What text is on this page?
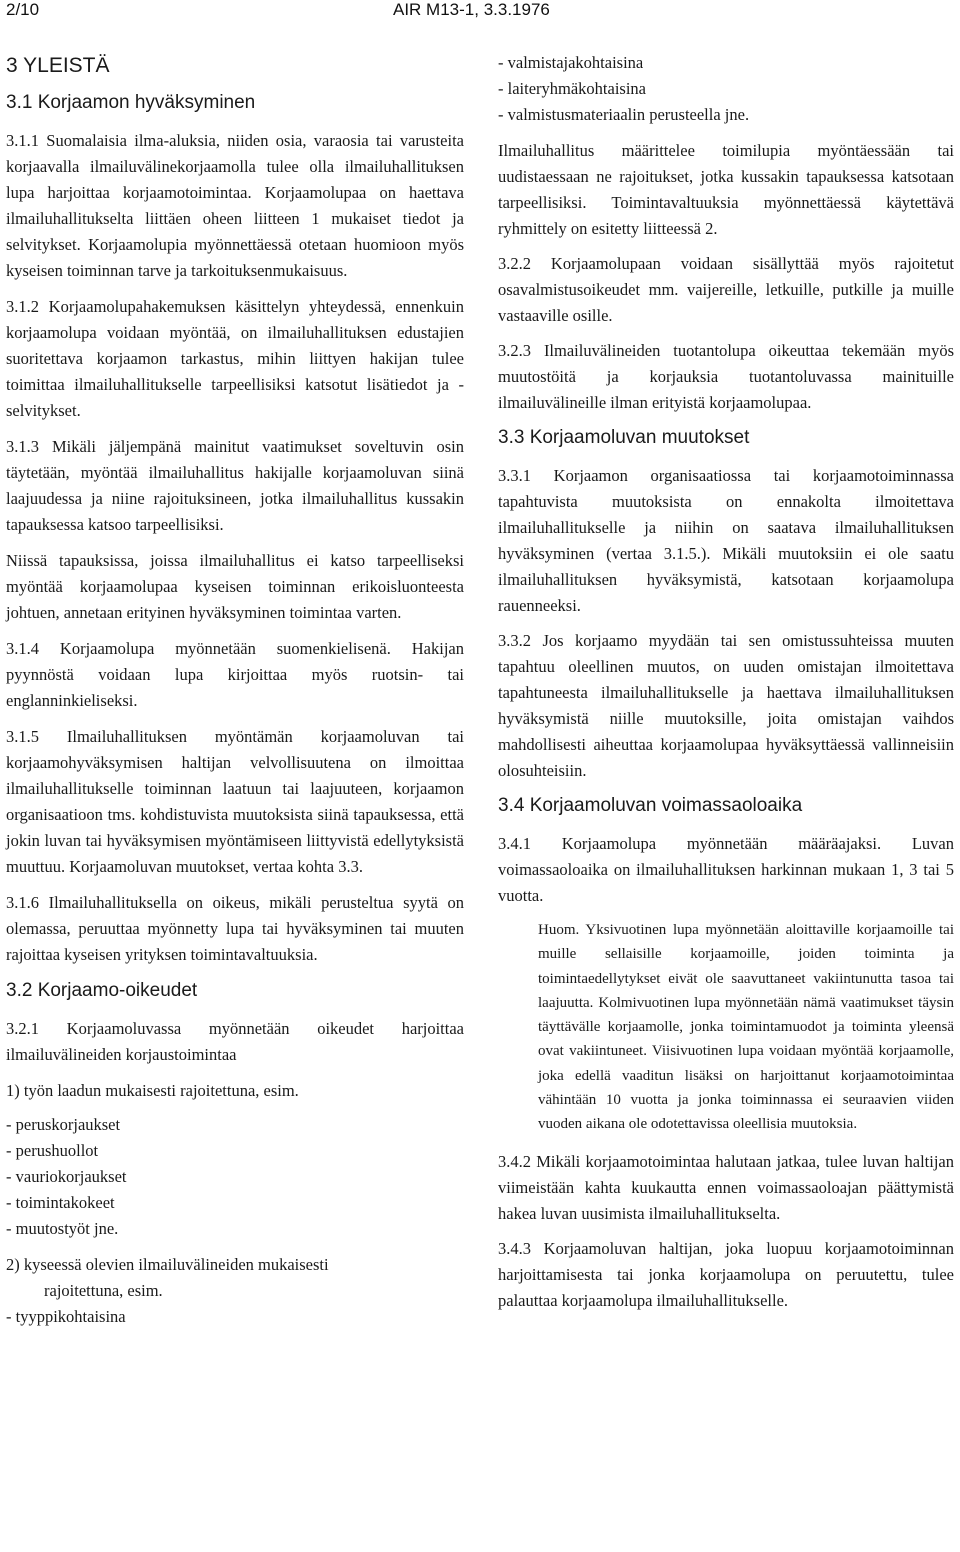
2/10	AIR M13-1, 3.3.1976
3 YLEISTÄ
3.1 Korjaamon hyväksyminen

3.1.1 Suomalaisia ilma-aluksia, niiden osia, varaosia tai varusteita korjaavalla ilmailuvälinekorjaamolla tulee olla ilmailuhallituksen lupa harjoittaa korjaamotoimintaa. Korjaamolupaa on haettava ilmailuhallitukselta liittäen oheen liitteen 1 mukaiset tiedot ja selvitykset. Korjaamolupia myönnettäessä otetaan huomioon myös kyseisen toiminnan tarve ja tarkoituksenmukaisuus.

3.1.2 Korjaamolupahakemuksen käsittelyn yhteydessä, ennenkuin korjaamolupa voidaan myöntää, on ilmailuhallituksen edustajien suoritettava korjaamon tarkastus, mihin liittyen hakijan tulee toimittaa ilmailuhallitukselle tarpeellisiksi katsotut lisätiedot ja -selvitykset.

3.1.3 Mikäli jäljempänä mainitut vaatimukset soveltuvin osin täytetään, myöntää ilmailuhallitus hakijalle korjaamoluvan siinä laajuudessa ja niine rajoituksineen, jotka ilmailuhallitus kussakin tapauksessa katsoo tarpeellisiksi.

Niissä tapauksissa, joissa ilmailuhallitus ei katso tarpeelliseksi myöntää korjaamolupaa kyseisen toiminnan erikoisluonteesta johtuen, annetaan erityinen hyväksyminen toimintaa varten.

3.1.4 Korjaamolupa myönnetään suomenkielisenä. Hakijan pyynnöstä voidaan lupa kirjoittaa myös ruotsin- tai englanninkieliseksi.

3.1.5 Ilmailuhallituksen myöntämän korjaamoluvan tai korjaamohyväksymisen haltijan velvollisuutena on ilmoittaa ilmailuhallitukselle toiminnan laatuun tai laajuuteen, korjaamon organisaatioon tms. kohdistuvista muutoksista siinä tapauksessa, että jokin luvan tai hyväksymisen myöntämiseen liittyvistä edellytyksistä muuttuu. Korjaamoluvan muutokset, vertaa kohta 3.3.

3.1.6 Ilmailuhallituksella on oikeus, mikäli perusteltua syytä on olemassa, peruuttaa myönnetty lupa tai hyväksyminen tai muuten rajoittaa kyseisen yrityksen toimintavaltuuksia.

3.2 Korjaamo-oikeudet

3.2.1 Korjaamoluvassa myönnetään oikeudet harjoittaa ilmailuvälineiden korjaustoimintaa

1) työn laadun mukaisesti rajoitettuna, esim.
- peruskorjaukset
- perushuollot
- vauriokorjaukset
- toimintakokeet
- muutostyöt jne.
2) kyseessä olevien ilmailuvälineiden mukaisesti
rajoitettuna, esim.
- tyyppikohtaisina
- valmistajakohtaisina
- laiteryhmäkohtaisina
- valmistusmateriaalin perusteella jne.

Ilmailuhallitus määrittelee toimilupia myöntäessään tai uudistaessaan ne rajoitukset, jotka kussakin tapauksessa katsotaan tarpeellisiksi. Toimintavaltuuksia myönnettäessä käytettävä ryhmittely on esitetty liitteessä 2.

3.2.2 Korjaamolupaan voidaan sisällyttää myös rajoitetut osavalmistusoikeudet mm. vaijereille, letkuille, putkille ja muille vastaaville osille.

3.2.3 Ilmailuvälineiden tuotantolupa oikeuttaa tekemään myös muutostöitä ja korjauksia tuotantoluvassa mainituille ilmailuvälineille ilman erityistä korjaamolupaa.

3.3 Korjaamoluvan muutokset

3.3.1 Korjaamon organisaatiossa tai korjaamotoiminnassa tapahtuvista muutoksista on ennakolta ilmoitettava ilmailuhallitukselle ja niihin on saatava ilmailuhallituksen hyväksyminen (vertaa 3.1.5.). Mikäli muutoksiin ei ole saatu ilmailuhallituksen hyväksymistä, katsotaan korjaamolupa rauenneeksi.

3.3.2 Jos korjaamo myydään tai sen omistussuhteissa muuten tapahtuu oleellinen muutos, on uuden omistajan ilmoitettava tapahtuneesta ilmailuhallitukselle ja haettava ilmailuhallituksen hyväksymistä niille muutoksille, joita omistajan vaihdos mahdollisesti aiheuttaa korjaamolupaa hyväksyttäessä vallinneisiin olosuhteisiin.

3.4 Korjaamoluvan voimassaoloaika

3.4.1 Korjaamolupa myönnetään määräajaksi. Luvan voimassaoloaika on ilmailuhallituksen harkinnan mukaan 1, 3 tai 5 vuotta.

Huom. Yksivuotinen lupa myönnetään aloittaville korjaamoille tai muille sellaisille korjaamoille, joiden toiminta ja toimintaedellytykset eivät ole saavuttaneet vakiintunutta tasoa tai laajuutta. Kolmivuotinen lupa myönnetään nämä vaatimukset täysin täyttävälle korjaamolle, jonka toimintamuodot ja toiminta yleensä ovat vakiintuneet. Viisivuotinen lupa voidaan myöntää korjaamolle, joka edellä vaaditun lisäksi on harjoittanut korjaamotoimintaa vähintään 10 vuotta ja jonka toiminnassa ei seuraavien viiden vuoden aikana ole odotettavissa oleellisia muutoksia.

3.4.2 Mikäli korjaamotoimintaa halutaan jatkaa, tulee luvan haltijan viimeistään kahta kuukautta ennen voimassaoloajan päättymistä hakea luvan uusimista ilmailuhallitukselta.

3.4.3 Korjaamoluvan haltijan, joka luopuu korjaamotoiminnan harjoittamisesta tai jonka korjaamolupa on peruutettu, tulee palauttaa korjaamolupa ilmailuhallitukselle.
